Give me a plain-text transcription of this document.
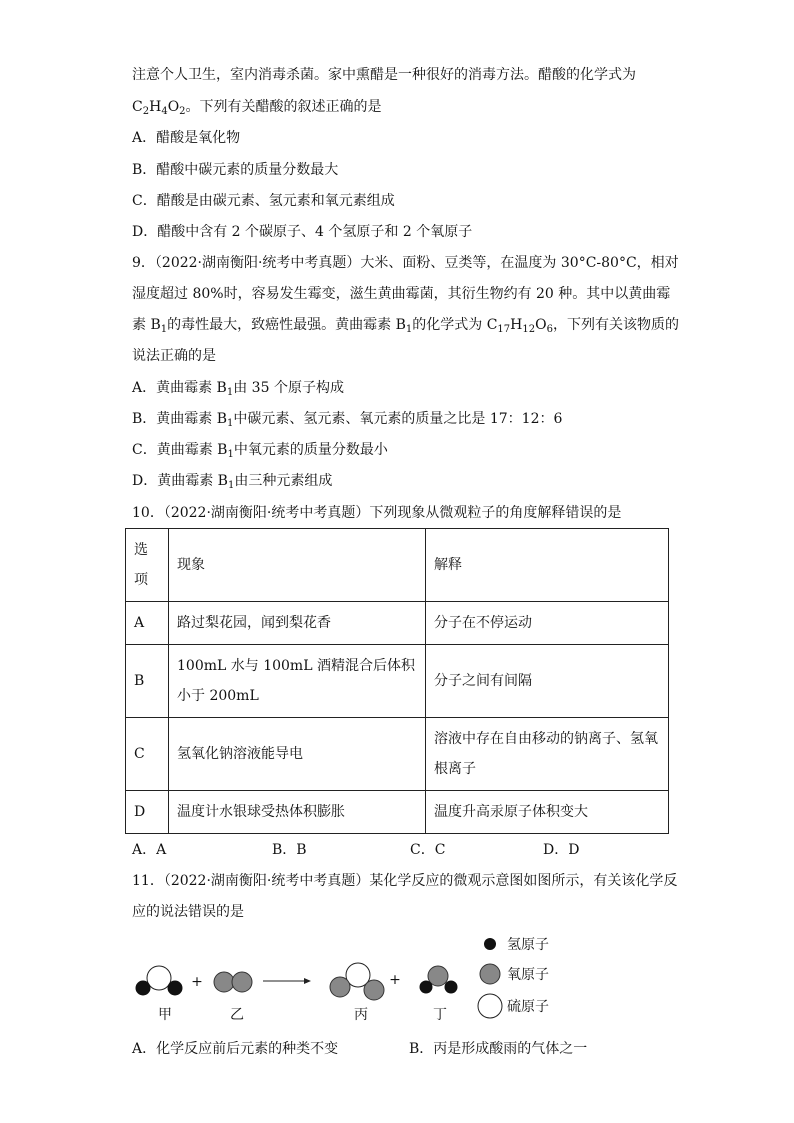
注意个人卫生，室内消毒杀菌。家中熏醋是一种很好的消毒方法。醋酸的化学式为
$C_2H_4O_2$。下列有关醋酸的叙述正确的是
A．醋酸是氧化物
B．醋酸中碳元素的质量分数最大
C．醋酸是由碳元素、氢元素和氧元素组成
D．醋酸中含有 2 个碳原子、4 个氢原子和 2 个氧原子
9．（2022·湖南衡阳·统考中考真题）大米、面粉、豆类等，在温度为 30°C-80°C，相对
湿度超过 80%时，容易发生霉变，滋生黄曲霉菌，其衍生物约有 20 种。其中以黄曲霉
素 $B_1$的毒性最大，致癌性最强。黄曲霉素 $B_1$的化学式为 $C_{17}H_{12}O_6$，下列有关该物质的
说法正确的是
A．黄曲霉素 $B_1$由 35 个原子构成
B．黄曲霉素 $B_1$中碳元素、氢元素、氧元素的质量之比是 17：12：6
C．黄曲霉素 $B_1$中氧元素的质量分数最小
D．黄曲霉素 $B_1$由三种元素组成
10．（2022·湖南衡阳·统考中考真题）下列现象从微观粒子的角度解释错误的是
选项	现象	解释
A	路过梨花园，闻到梨花香	分子在不停运动
B	100mL 水与 100mL 酒精混合后体积小于 200mL	分子之间有间隔
C	氢氧化钠溶液能导电	溶液中存在自由移动的钠离子、氢氧根离子
D	温度计水银球受热体积膨胀	温度升高汞原子体积变大
A．A	B．B	C．C	D．D
11．（2022·湖南衡阳·统考中考真题）某化学反应的微观示意图如图所示，有关该化学反
应的说法错误的是
+	+
甲	乙	丙	丁
氢原子
氧原子
硫原子
A．化学反应前后元素的种类不变	B．丙是形成酸雨的气体之一
